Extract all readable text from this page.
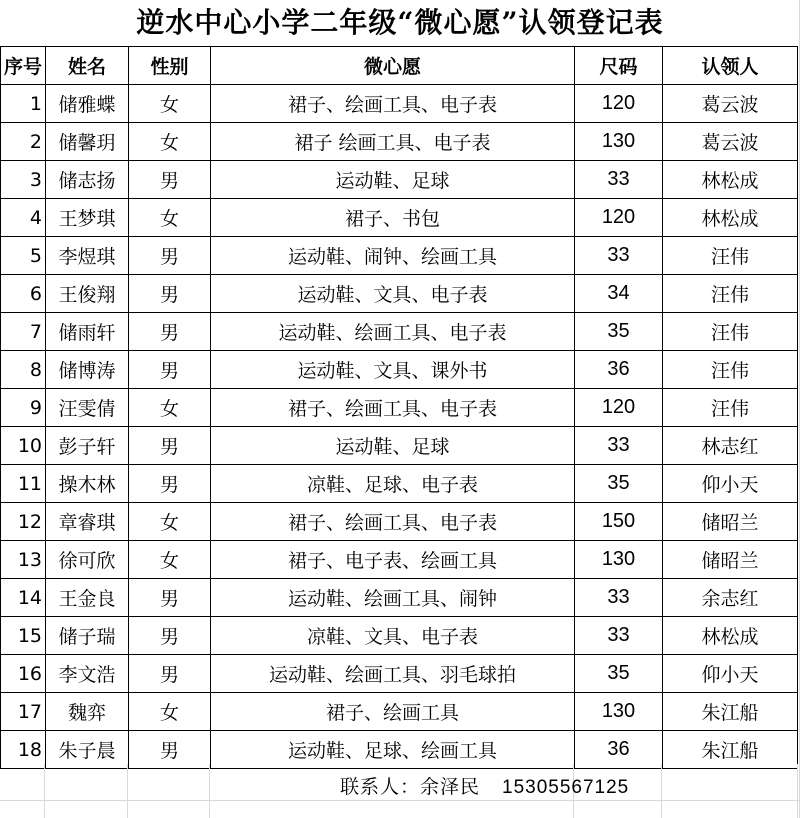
逆水中心小学二年级“微心愿”认领登记表
序号	姓名	性别	微心愿	尺码	认领人
1	储雅蝶	女	裙子、绘画工具、电子表	120	葛云波
2	储馨玥	女	裙子 绘画工具、电子表	130	葛云波
3	储志扬	男	运动鞋、足球	33	林松成
4	王梦琪	女	裙子、书包	120	林松成
5	李煜琪	男	运动鞋、闹钟、绘画工具	33	汪伟
6	王俊翔	男	运动鞋、文具、电子表	34	汪伟
7	储雨轩	男	运动鞋、绘画工具、电子表	35	汪伟
8	储博涛	男	运动鞋、文具、课外书	36	汪伟
9	汪雯倩	女	裙子、绘画工具、电子表	120	汪伟
10	彭子轩	男	运动鞋、足球	33	林志红
11	操木林	男	凉鞋、足球、电子表	35	仰小天
12	章睿琪	女	裙子、绘画工具、电子表	150	储昭兰
13	徐可欣	女	裙子、电子表、绘画工具	130	储昭兰
14	王金良	男	运动鞋、绘画工具、闹钟	33	余志红
15	储子瑞	男	凉鞋、文具、电子表	33	林松成
16	李文浩	男	运动鞋、绘画工具、羽毛球拍	35	仰小天
17	魏弈	女	裙子、绘画工具	130	朱江船
18	朱子晨	男	运动鞋、足球、绘画工具	36	朱江船
联系人：余泽民 15305567125
